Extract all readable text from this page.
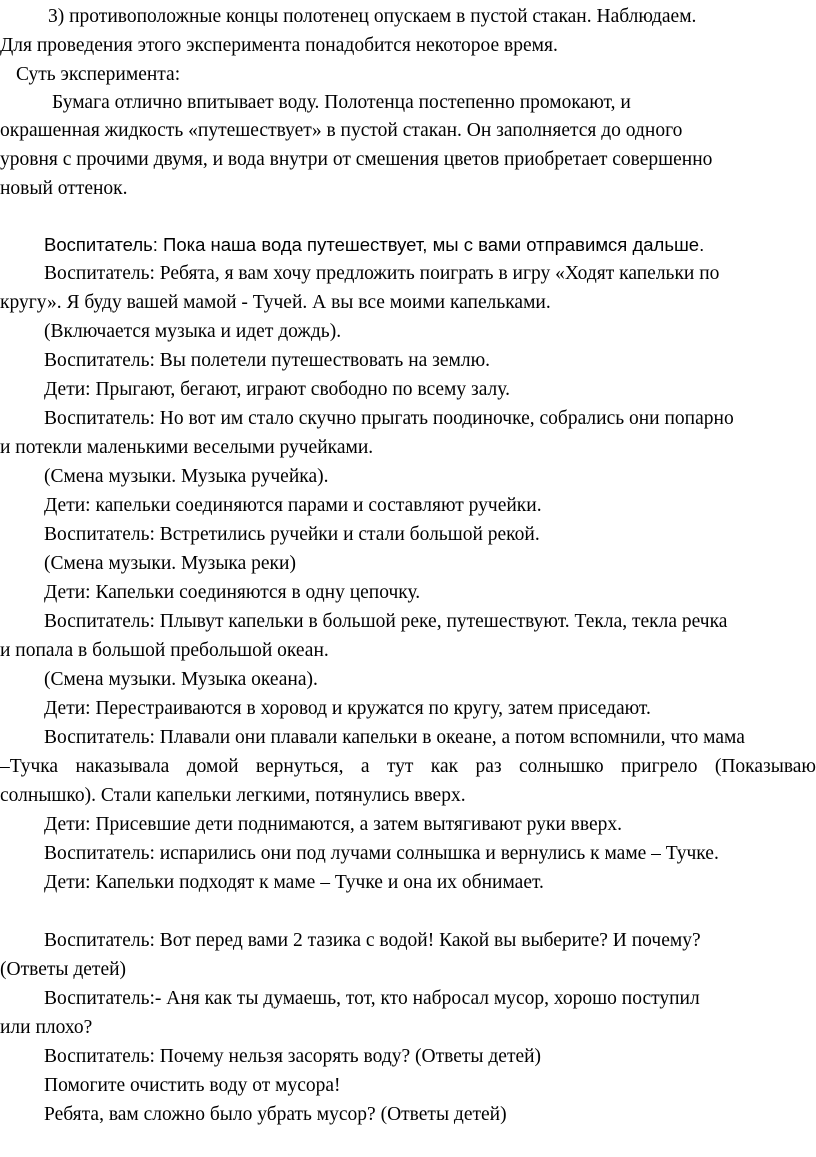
3) противоположные концы полотенец опускаем в пустой стакан. Наблюдаем.
Для проведения этого эксперимента понадобится некоторое время.
Суть эксперимента:
Бумага отлично впитывает воду. Полотенца постепенно промокают, и
окрашенная жидкость «путешествует» в пустой стакан. Он заполняется до одного
уровня с прочими двумя, и вода внутри от смешения цветов приобретает совершенно
новый оттенок.
Воспитатель: Пока наша вода путешествует, мы с вами отправимся дальше.
Воспитатель: Ребята, я вам хочу предложить поиграть в игру «Ходят капельки по
кругу». Я буду вашей мамой - Тучей. А вы все моими капельками.
(Включается музыка и идет дождь).
Воспитатель: Вы полетели путешествовать на землю.
Дети: Прыгают, бегают, играют свободно по всему залу.
Воспитатель: Но вот им стало скучно прыгать поодиночке, собрались они попарно
и потекли маленькими веселыми ручейками.
(Смена музыки. Музыка ручейка).
Дети: капельки соединяются парами и составляют ручейки.
Воспитатель: Встретились ручейки и стали большой рекой.
(Смена музыки. Музыка реки)
Дети: Капельки соединяются в одну цепочку.
Воспитатель: Плывут капельки в большой реке, путешествуют. Текла, текла речка
и попала в большой пребольшой океан.
(Смена музыки. Музыка океана).
Дети: Перестраиваются в хоровод и кружатся по кругу, затем приседают.
Воспитатель: Плавали они плавали капельки в океане, а потом вспомнили, что мама
–Тучка наказывала домой вернуться, а тут как раз солнышко пригрело (Показываю
солнышко). Стали капельки легкими, потянулись вверх.
Дети: Присевшие дети поднимаются, а затем вытягивают руки вверх.
Воспитатель: испарились они под лучами солнышка и вернулись к маме – Тучке.
Дети: Капельки подходят к маме – Тучке и она их обнимает.
Воспитатель: Вот перед вами 2 тазика с водой! Какой вы выберите? И почему?
(Ответы детей)
Воспитатель:- Аня как ты думаешь, тот, кто набросал мусор, хорошо поступил
или плохо?
Воспитатель: Почему нельзя засорять воду? (Ответы детей)
Помогите очистить воду от мусора!
Ребята, вам сложно было убрать мусор? (Ответы детей)
